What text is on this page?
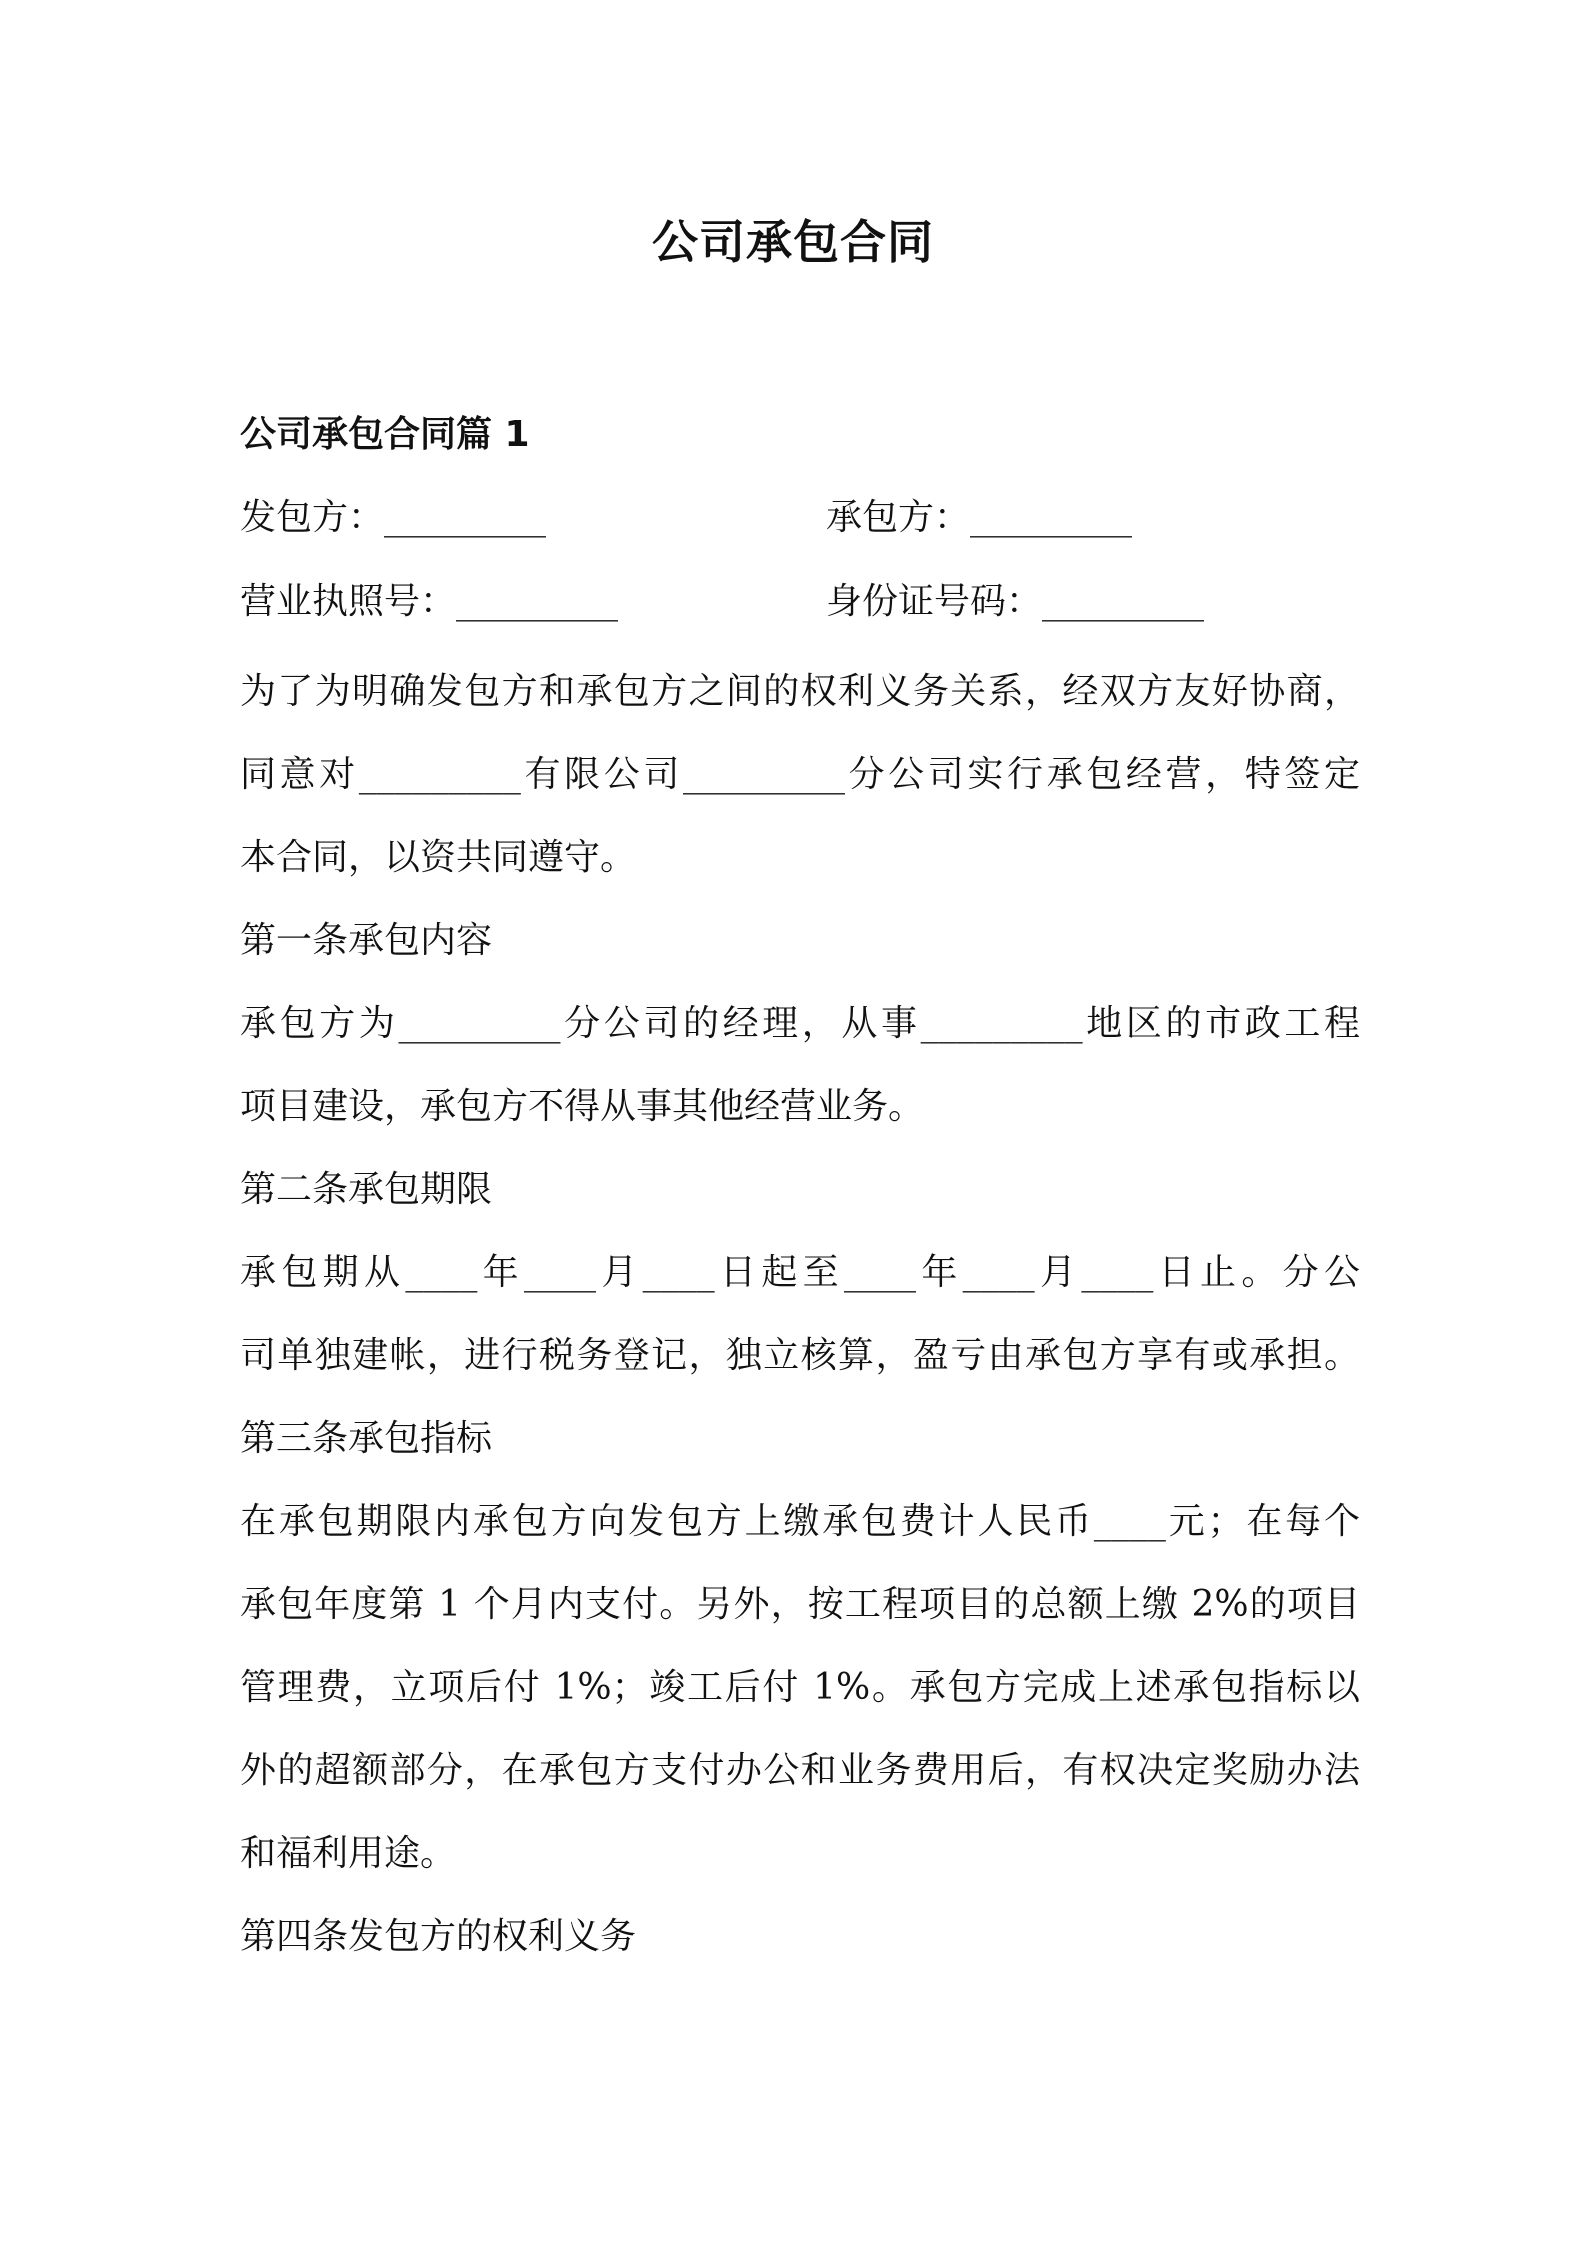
公司承包合同
公司承包合同篇 1
发包方：_________	承包方：_________
营业执照号：_________	身份证号码：_________
为了为明确发包方和承包方之间的权利义务关系，经双方友好协商，
同意对_________有限公司_________分公司实行承包经营，特签定
本合同，以资共同遵守。
第一条承包内容
承包方为_________分公司的经理，从事_________地区的市政工程
项目建设，承包方不得从事其他经营业务。
第二条承包期限
承包期从____年____月____日起至____年____月____日止。分公
司单独建帐，进行税务登记，独立核算，盈亏由承包方享有或承担。
第三条承包指标
在承包期限内承包方向发包方上缴承包费计人民币____元；在每个
承包年度第 1 个月内支付。另外，按工程项目的总额上缴 2%的项目
管理费，立项后付 1%；竣工后付 1%。承包方完成上述承包指标以
外的超额部分，在承包方支付办公和业务费用后，有权决定奖励办法
和福利用途。
第四条发包方的权利义务
